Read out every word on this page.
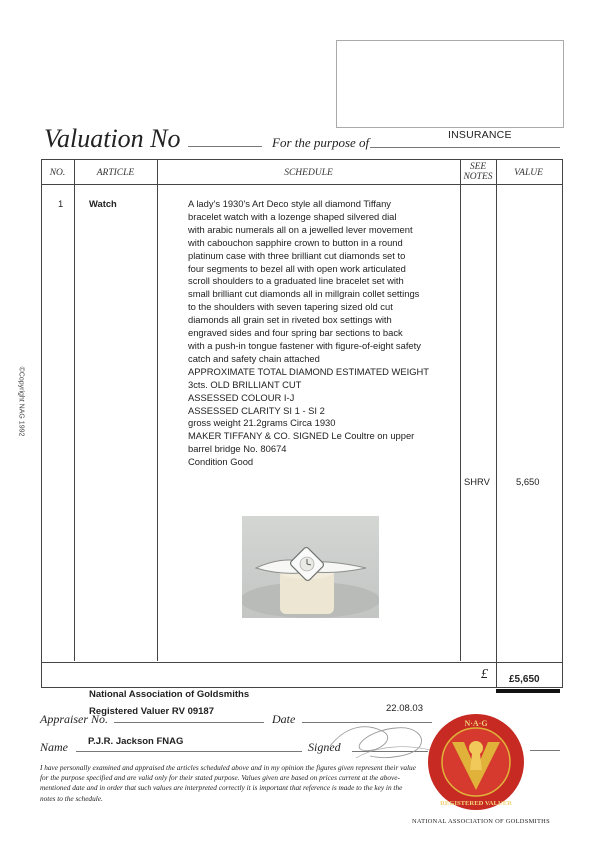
Valuation No	For the purpose of	INSURANCE
NO.	ARTICLE	SCHEDULE
SEE
NOTES	VALUE
1	Watch	A lady's 1930's Art Deco style all diamond Tiffany
bracelet watch with a lozenge shaped silvered dial
with arabic numerals all on a jewelled lever movement
with cabouchon sapphire crown to button in a round
platinum case with three brilliant cut diamonds set to
four segments to bezel all with open work articulated
scroll shoulders to a graduated line bracelet set with
small brilliant cut diamonds all in millgrain collet settings
to the shoulders with seven tapering sized old cut
diamonds all grain set in riveted box settings with
engraved sides and four spring bar sections to back
with a push-in tongue fastener with figure-of-eight safety
catch and safety chain attached
APPROXIMATE TOTAL DIAMOND ESTIMATED WEIGHT
3cts. OLD BRILLIANT CUT
ASSESSED COLOUR I-J
ASSESSED CLARITY SI 1 - SI 2
gross weight 21.2grams Circa 1930
MAKER TIFFANY & CO. SIGNED Le Coultre on upper
barrel bridge No. 80674
Condition Good
SHRV	5,650
£ £5,650
National Association of Goldsmiths
Registered Valuer RV 09187
Appraiser No.	Date
22.08.03
Name P.J.R. Jackson FNAG	Signed
N·A·G
REGISTERED VALUER
I have personally examined and appraised the articles scheduled above and in my opinion the figures given represent their value for the purpose specified and are valid only for their stated purpose. Values given are based on prices current at the above-mentioned date and in order that such values are interpreted correctly it is important that reference is made to the key in the notes to the schedule.
NATIONAL ASSOCIATION OF GOLDSMITHS
©Copyright NAG 1992
